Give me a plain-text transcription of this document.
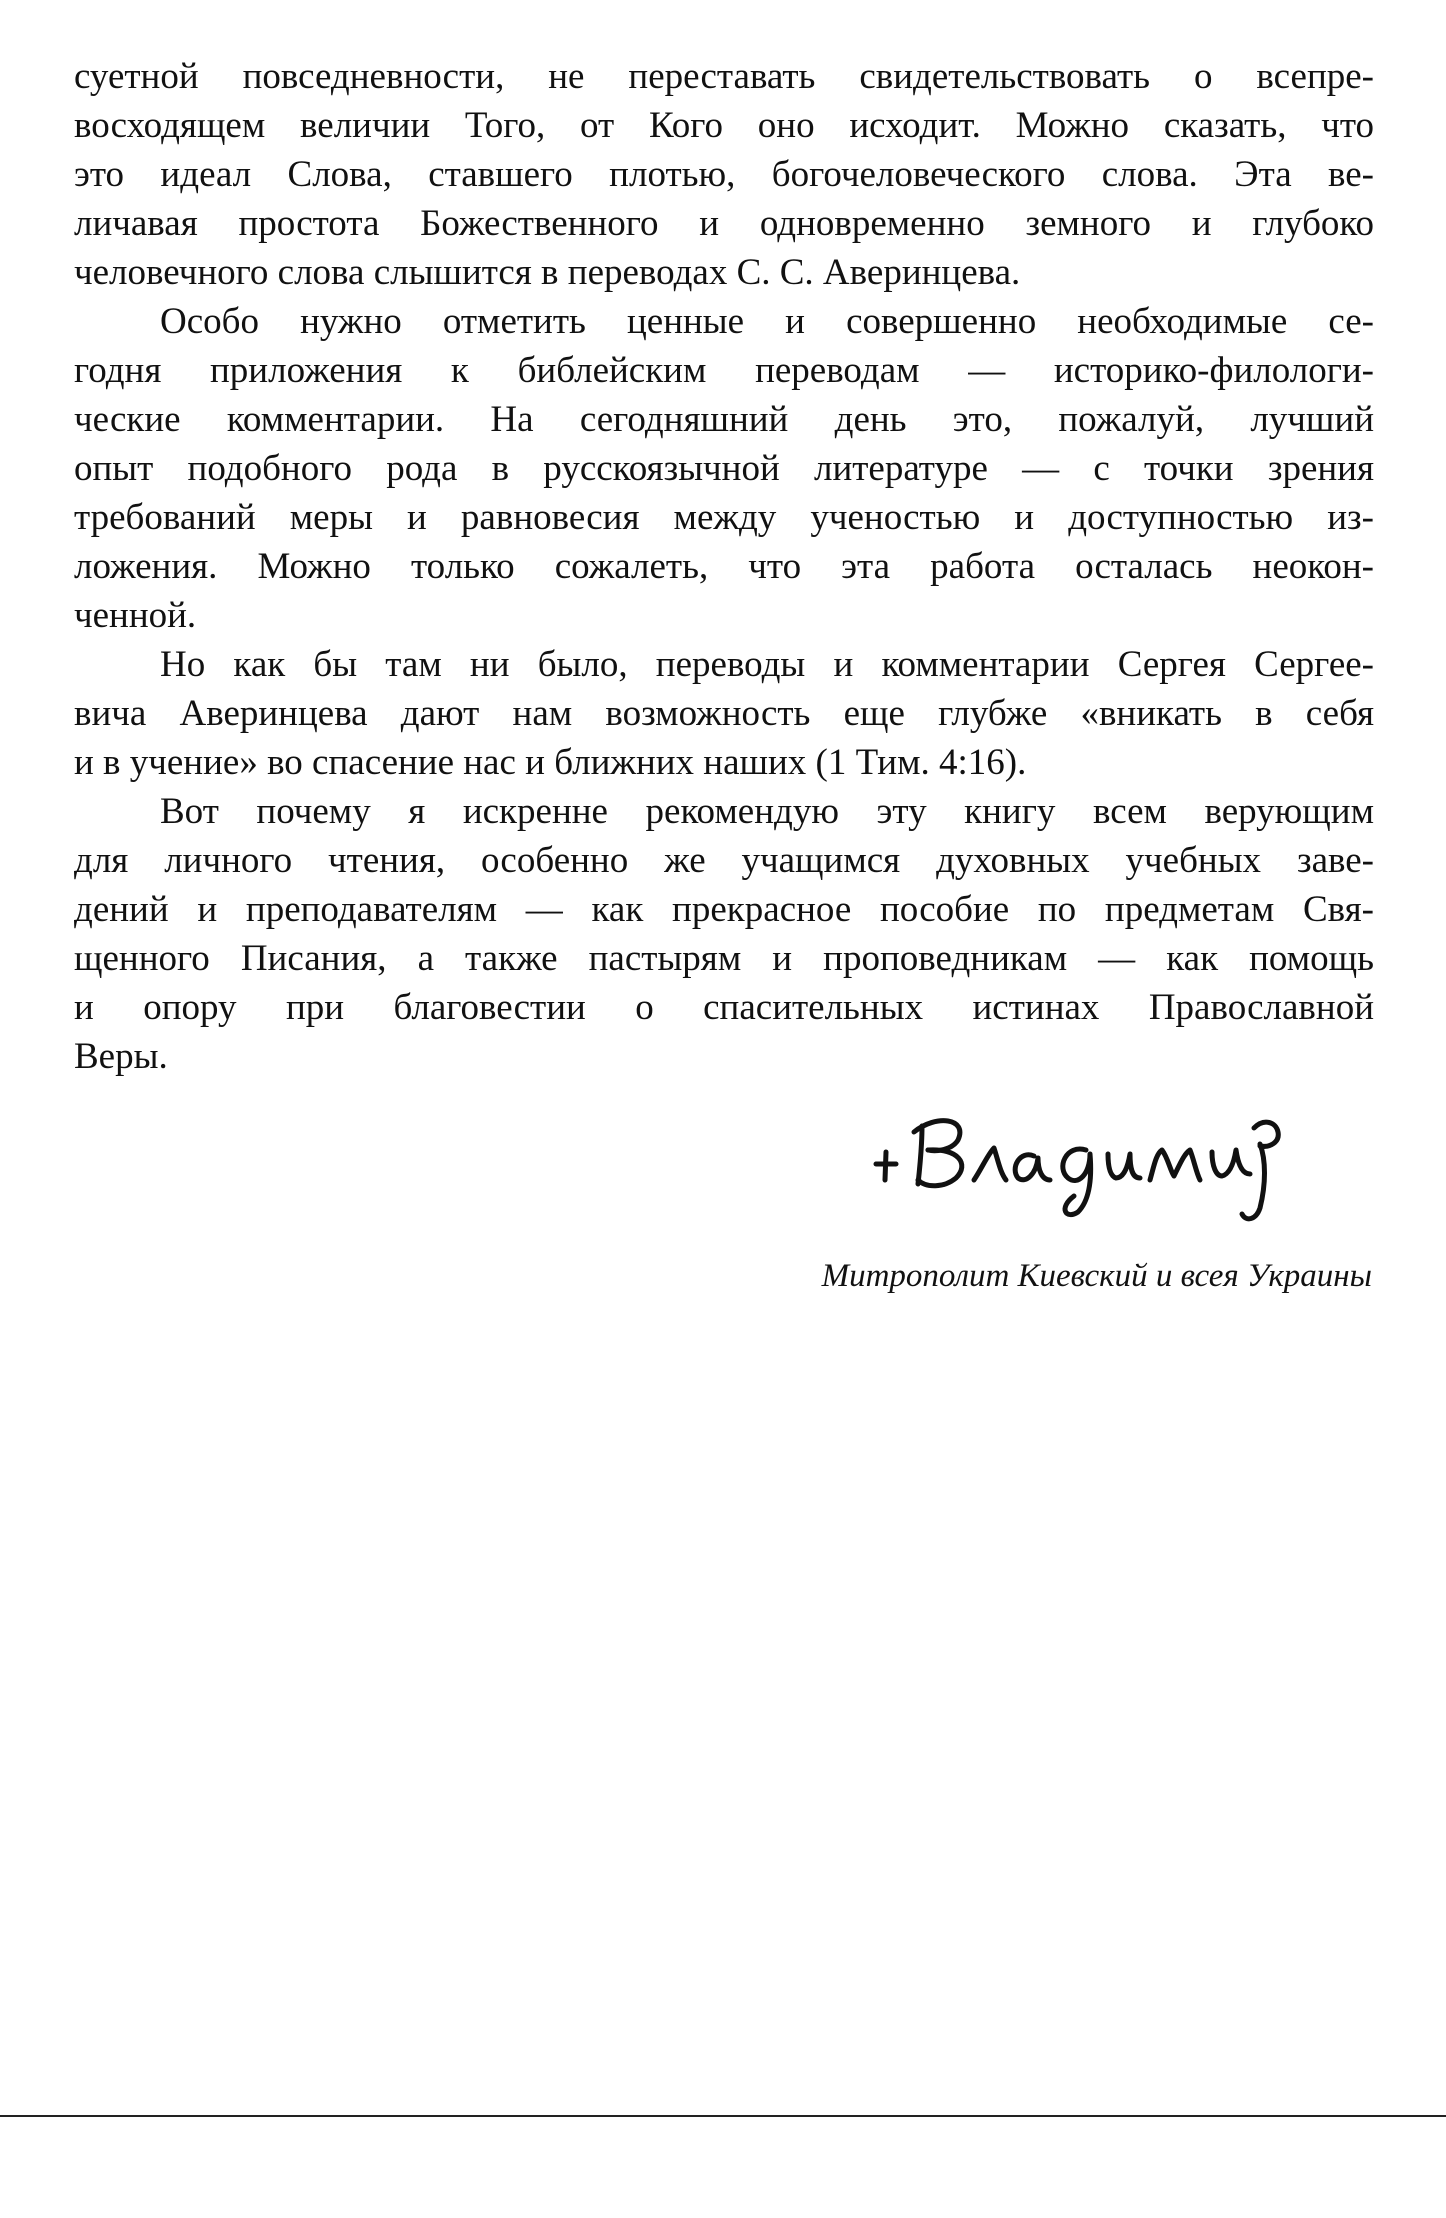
суетной повседневности, не переставать свидетельствовать о всепре-
восходящем величии Того, от Кого оно исходит. Можно сказать, что
это идеал Слова, ставшего плотью, богочеловеческого слова. Эта ве-
личавая простота Божественного и одновременно земного и глубоко
человечного слова слышится в переводах С. С. Аверинцева.
Особо нужно отметить ценные и совершенно необходимые се-
годня приложения к библейским переводам — историко-филологи-
ческие комментарии. На сегодняшний день это, пожалуй, лучший
опыт подобного рода в русскоязычной литературе — с точки зрения
требований меры и равновесия между ученостью и доступностью из-
ложения. Можно только сожалеть, что эта работа осталась неокон-
ченной.
Но как бы там ни было, переводы и комментарии Сергея Сергее-
вича Аверинцева дают нам возможность еще глубже «вникать в себя
и в учение» во спасение нас и ближних наших (1 Тим. 4:16).
Вот почему я искренне рекомендую эту книгу всем верующим
для личного чтения, особенно же учащимся духовных учебных заве-
дений и преподавателям — как прекрасное пособие по предметам Свя-
щенного Писания, а также пастырям и проповедникам — как помощь
и опору при благовестии о спасительных истинах Православной
Веры.
Митрополит Киевский и всея Украины
